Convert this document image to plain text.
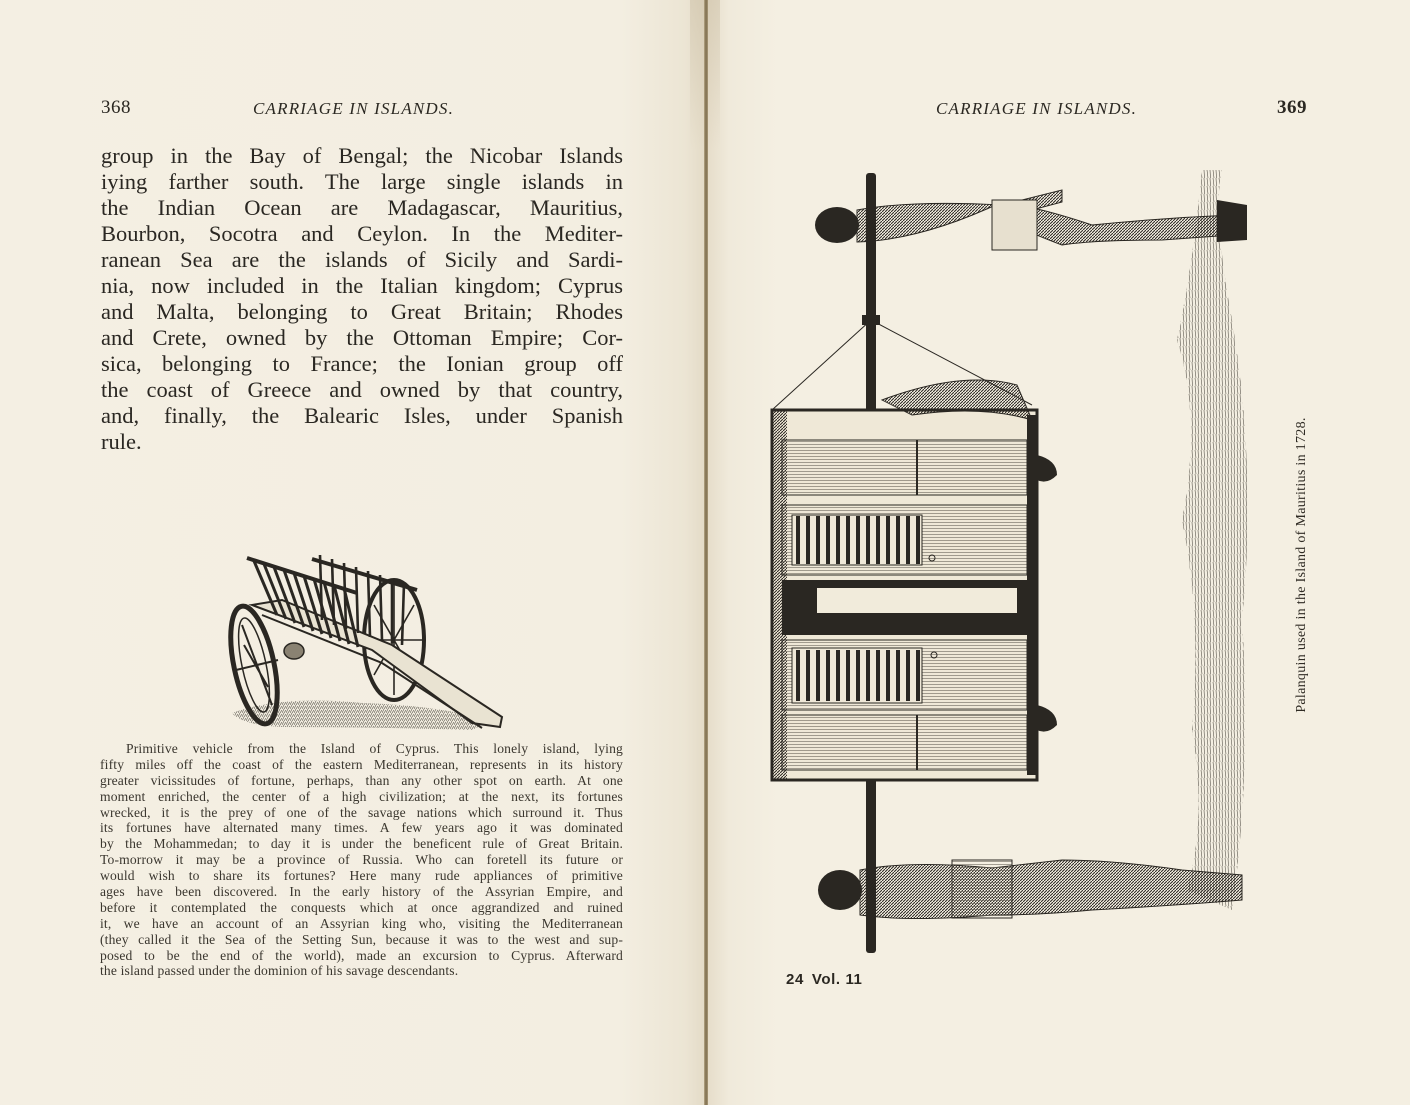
368	CARRIAGE IN ISLANDS.
group in the Bay of Bengal; the Nicobar Islands
iying farther south. The large single islands in
the Indian Ocean are Madagascar, Mauritius,
Bourbon, Socotra and Ceylon. In the Mediter-
ranean Sea are the islands of Sicily and Sardi-
nia, now included in the Italian kingdom; Cyprus
and Malta, belonging to Great Britain; Rhodes
and Crete, owned by the Ottoman Empire; Cor-
sica, belonging to France; the Ionian group off
the coast of Greece and owned by that country,
and, finally, the Balearic Isles, under Spanish
rule.
Primitive vehicle from the Island of Cyprus. This lonely island, lying
fifty miles off the coast of the eastern Mediterranean, represents in its history
greater vicissitudes of fortune, perhaps, than any other spot on earth. At one
moment enriched, the center of a high civilization; at the next, its fortunes
wrecked, it is the prey of one of the savage nations which surround it. Thus
its fortunes have alternated many times. A few years ago it was dominated
by the Mohammedan; to day it is under the beneficent rule of Great Britain.
To-morrow it may be a province of Russia. Who can foretell its future or
would wish to share its fortunes? Here many rude appliances of primitive
ages have been discovered. In the early history of the Assyrian Empire, and
before it contemplated the conquests which at once aggrandized and ruined
it, we have an account of an Assyrian king who, visiting the Mediterranean
(they called it the Sea of the Setting Sun, because it was to the west and sup-
posed to be the end of the world), made an excursion to Cyprus. Afterward
the island passed under the dominion of his savage descendants.
CARRIAGE IN ISLANDS.	369
Palanquin used in the Island of Mauritius in 1728.
24 Vol. 11
